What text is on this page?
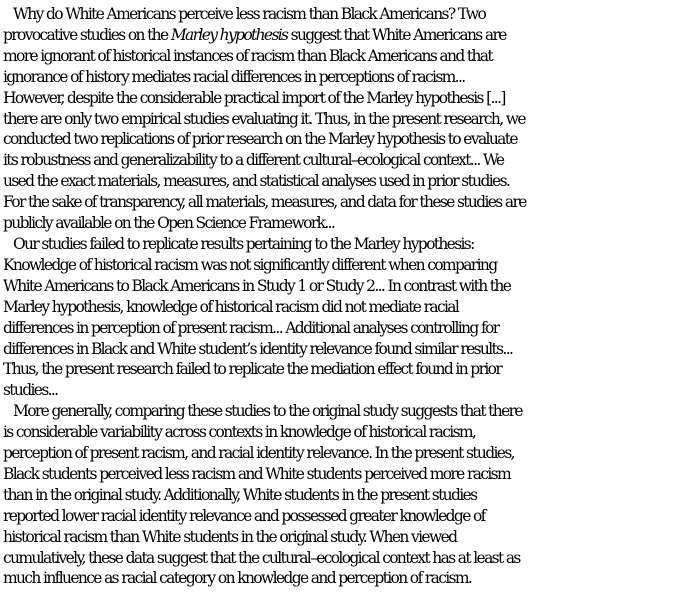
Why do White Americans perceive less racism than Black Americans? Two
provocative studies on the Marley hypothesis suggest that White Americans are
more ignorant of historical instances of racism than Black Americans and that
ignorance of history mediates racial differences in perceptions of racism...
However, despite the considerable practical import of the Marley hypothesis [...]
there are only two empirical studies evaluating it. Thus, in the present research, we
conducted two replications of prior research on the Marley hypothesis to evaluate
its robustness and generalizability to a different cultural–ecological context... We
used the exact materials, measures, and statistical analyses used in prior studies.
For the sake of transparency, all materials, measures, and data for these studies are
publicly available on the Open Science Framework...
Our studies failed to replicate results pertaining to the Marley hypothesis:
Knowledge of historical racism was not significantly different when comparing
White Americans to Black Americans in Study 1 or Study 2... In contrast with the
Marley hypothesis, knowledge of historical racism did not mediate racial
differences in perception of present racism... Additional analyses controlling for
differences in Black and White student’s identity relevance found similar results...
Thus, the present research failed to replicate the mediation effect found in prior
studies...
More generally, comparing these studies to the original study suggests that there
is considerable variability across contexts in knowledge of historical racism,
perception of present racism, and racial identity relevance. In the present studies,
Black students perceived less racism and White students perceived more racism
than in the original study. Additionally, White students in the present studies
reported lower racial identity relevance and possessed greater knowledge of
historical racism than White students in the original study. When viewed
cumulatively, these data suggest that the cultural–ecological context has at least as
much influence as racial category on knowledge and perception of racism.
